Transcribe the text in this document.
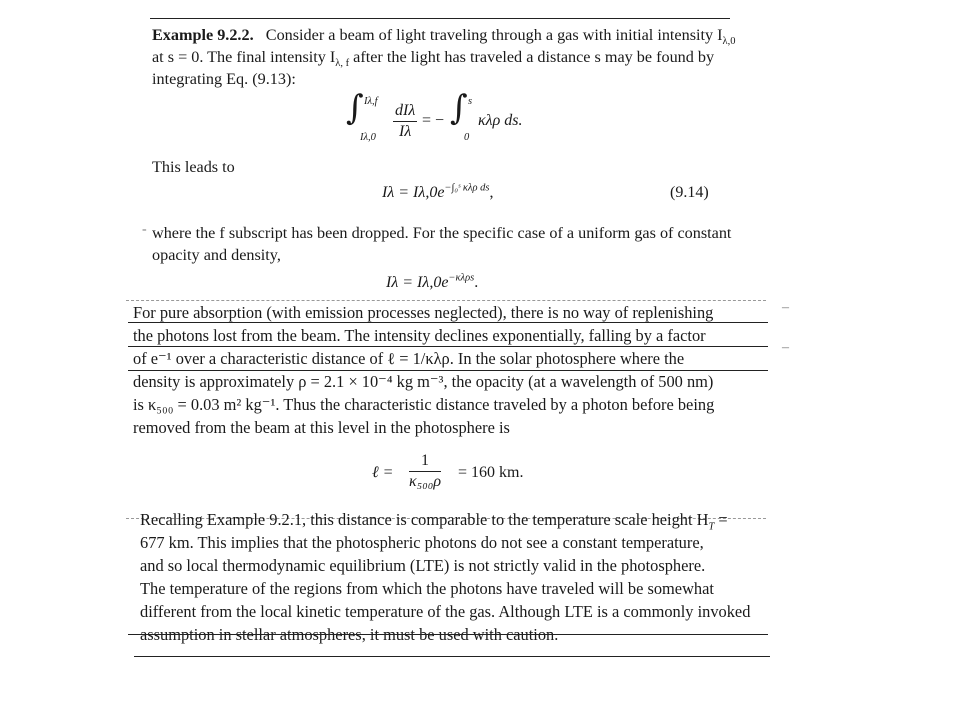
Example 9.2.2. Consider a beam of light traveling through a gas with initial intensity $I_{\lambda,0}$
at s = 0. The final intensity $I_{\lambda, f}$ after the light has traveled a distance s may be found by
integrating Eq. (9.13):
∫ Iλ,f
Iλ,0
dIλ
Iλ
= − ∫ s
0
κλρ ds.
This leads to
$I\lambda = I\lambda,0e^{-\int_0ˢ \kappa\lambda\rho ds}$,	(9.14)
where the f subscript has been dropped. For the specific case of a uniform gas of constant
opacity and density,
-
$I\lambda = I\lambda,0e^{-\kappa\lambda\rho s}$.
For pure absorption (with emission processes neglected), there is no way of replenishing
the photons lost from the beam. The intensity declines exponentially, falling by a factor
of e⁻¹ over a characteristic distance of ℓ = 1/κλρ. In the solar photosphere where the
density is approximately ρ = 2.1 × 10⁻⁴ kg m⁻³, the opacity (at a wavelength of 500 nm)
is κ₅₀₀ = 0.03 m² kg⁻¹. Thus the characteristic distance traveled by a photon before being
removed from the beam at this level in the photosphere is
‒
‒
ℓ = $\frac{1}{\text{κ₅₀₀ρ}} = 160$ km.
Recalling Example 9.2.1, this distance is comparable to the temperature scale height $H_T$ =
677 km. This implies that the photospheric photons do not see a constant temperature,
and so local thermodynamic equilibrium (LTE) is not strictly valid in the photosphere.
The temperature of the regions from which the photons have traveled will be somewhat
different from the local kinetic temperature of the gas. Although LTE is a commonly invoked
assumption in stellar atmospheres, it must be used with caution.
